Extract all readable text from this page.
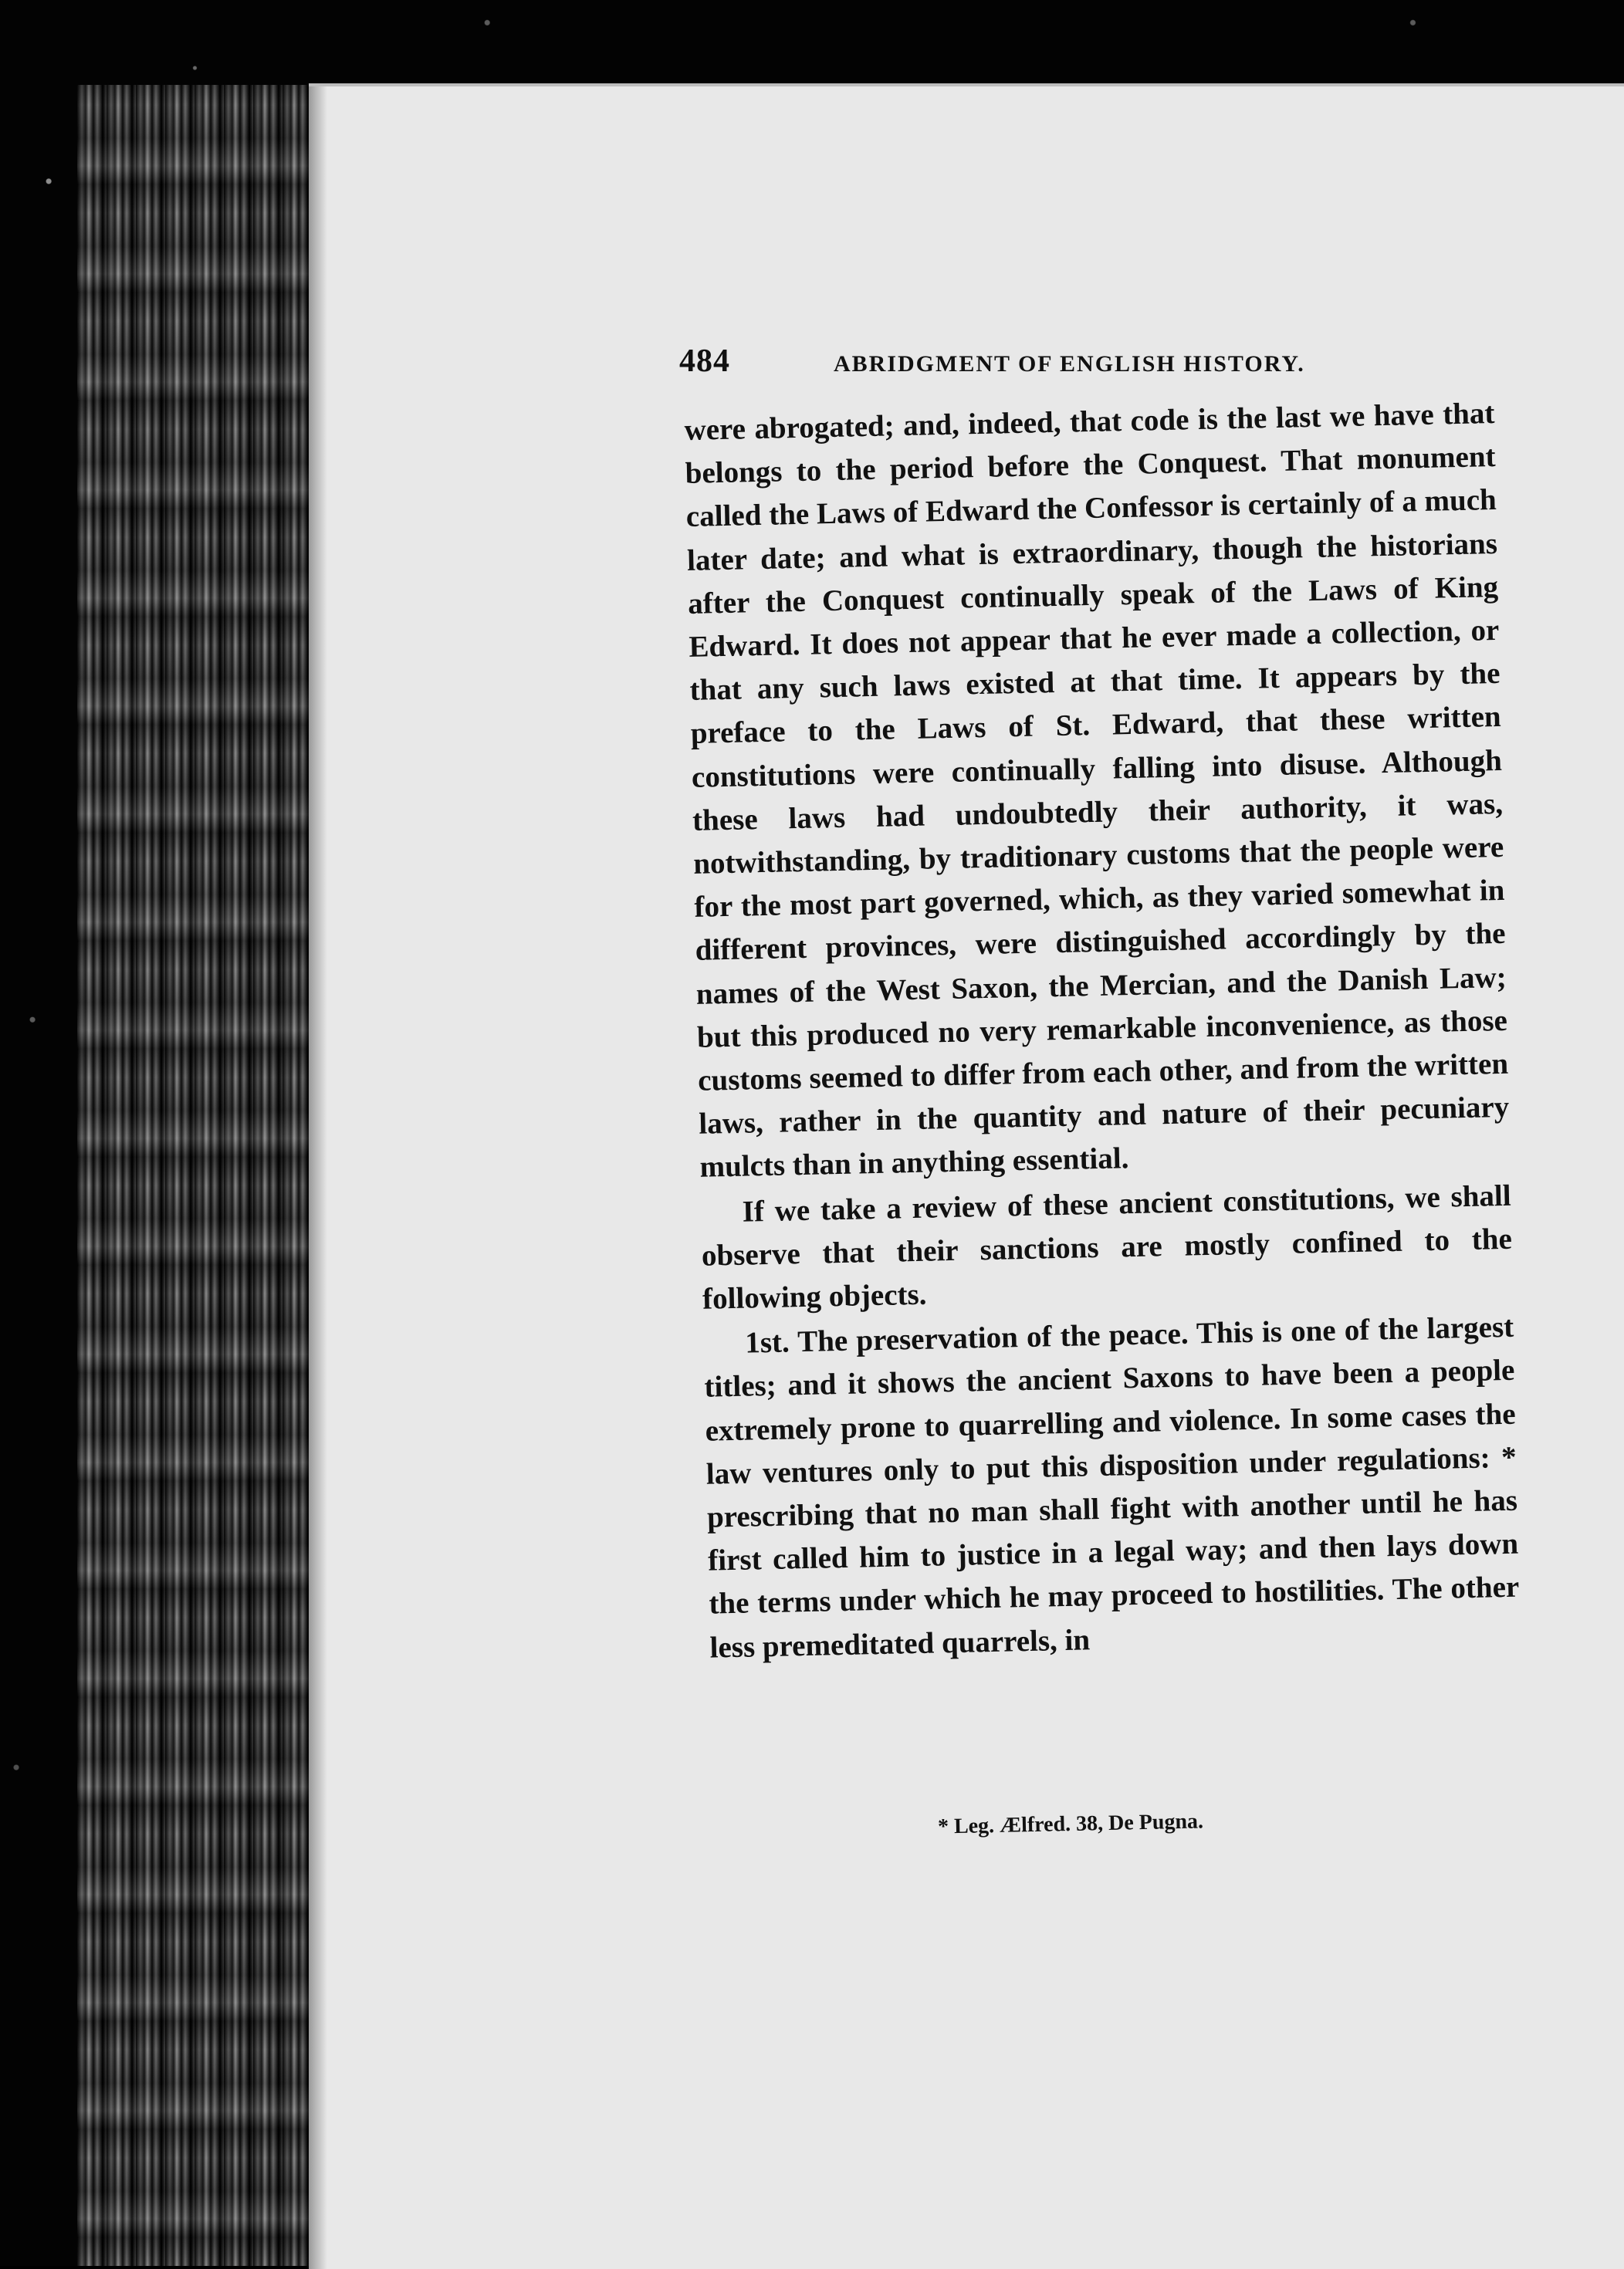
484	ABRIDGMENT OF ENGLISH HISTORY.

were abrogated; and, indeed, that code is the last we have that belongs to the period before the Conquest. That monument called the Laws of Edward the Confessor is certainly of a much later date; and what is extraordinary, though the historians after the Conquest continually speak of the Laws of King Edward. It does not appear that he ever made a collection, or that any such laws existed at that time. It appears by the preface to the Laws of St. Edward, that these written constitutions were continually falling into disuse. Although these laws had undoubtedly their authority, it was, notwithstanding, by traditionary customs that the people were for the most part governed, which, as they varied somewhat in different provinces, were distinguished accordingly by the names of the West Saxon, the Mercian, and the Danish Law; but this produced no very remarkable inconvenience, as those customs seemed to differ from each other, and from the written laws, rather in the quantity and nature of their pecuniary mulcts than in anything essential.

If we take a review of these ancient constitutions, we shall observe that their sanctions are mostly confined to the following objects.

1st. The preservation of the peace. This is one of the largest titles; and it shows the ancient Saxons to have been a people extremely prone to quarrelling and violence. In some cases the law ventures only to put this disposition under regulations: * prescribing that no man shall fight with another until he has first called him to justice in a legal way; and then lays down the terms under which he may proceed to hostilities. The other less premeditated quarrels, in

* Leg. Ælfred. 38, De Pugna.
